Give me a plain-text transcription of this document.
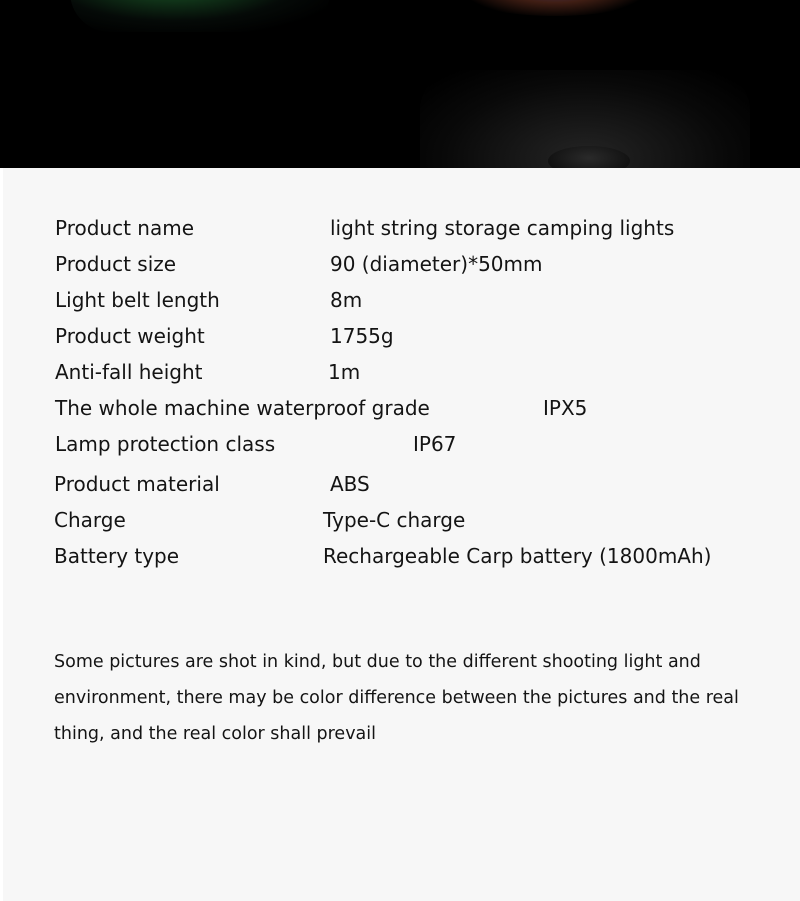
Product name	light string storage camping lights
Product size	90 (diameter)*50mm
Light belt length	8m
Product weight	1755g
Anti-fall height	1m
The whole machine waterproof grade	IPX5
Lamp protection class	IP67
Product material	ABS
Charge	Type-C charge
Battery type	Rechargeable Carp battery (1800mAh)
Some pictures are shot in kind, but due to the different shooting light and environment, there may be color difference between the pictures and the real thing, and the real color shall prevail
